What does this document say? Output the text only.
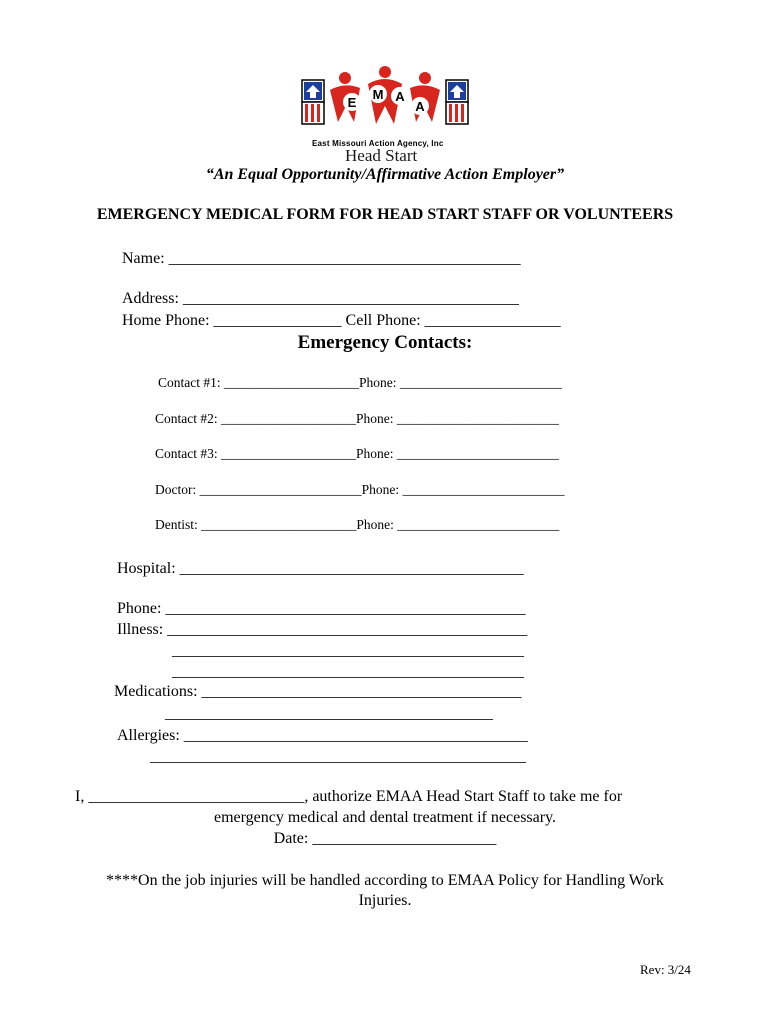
E
M A
A
East Missouri Action Agency, Inc
Head Start
“An Equal Opportunity/Affirmative Action Employer”
EMERGENCY MEDICAL FORM FOR HEAD START STAFF OR VOLUNTEERS
Name: ____________________________________________
Address: __________________________________________
Home Phone: ________________ Cell Phone: _________________
Emergency Contacts:
Contact #1: ____________________Phone: ________________________
Contact #2: ____________________Phone: ________________________
Contact #3: ____________________Phone: ________________________
Doctor: ________________________Phone: ________________________
Dentist: _______________________Phone: ________________________
Hospital: ___________________________________________
Phone: _____________________________________________
Illness: _____________________________________________
____________________________________________
____________________________________________
Medications: ________________________________________
_________________________________________
Allergies: ___________________________________________
_______________________________________________
I, ___________________________, authorize EMAA Head Start Staff to take me for
emergency medical and dental treatment if necessary.
Date: _______________________
****On the job injuries will be handled according to EMAA Policy for Handling Work
Injuries.
Rev: 3/24
